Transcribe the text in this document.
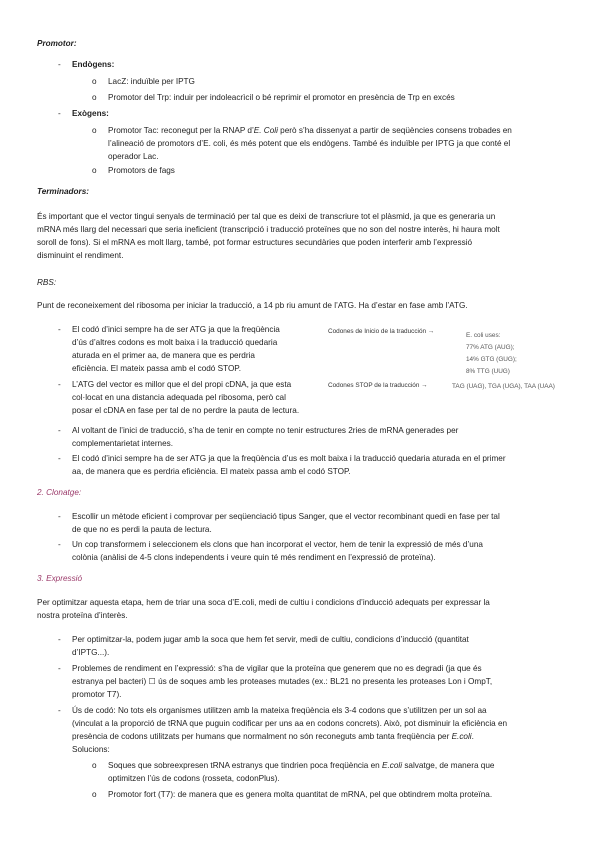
Promotor:
-	Endògens:
o	LacZ: induïble per IPTG
o	Promotor del Trp: induir per indoleacrìcil o bé reprimir el promotor en presència de Trp en excés
-	Exògens:
o	Promotor Tac: reconegut per la RNAP d’E. Coli però s’ha dissenyat a partir de seqüències consens trobades en
l’alineació de promotors d’E. coli, és més potent que els endògens. També és induïble per IPTG ja que conté el
operador Lac.
o	Promotors de fags
Terminadors:
És important que el vector tingui senyals de terminació per tal que es deixi de transcriure tot el plàsmid, ja que es generaria un
mRNA més llarg del necessari que seria ineficient (transcripció i traducció proteïnes que no son del nostre interès, hi haura molt
soroll de fons). Si el mRNA es molt llarg, també, pot formar estructures secundàries que poden interferir amb l’expressió
disminuint el rendiment.
RBS:
Punt de reconeixement del ribosoma per iniciar la traducció, a 14 pb riu amunt de l’ATG. Ha d’estar en fase amb l’ATG.
-	El codó d’inici sempre ha de ser ATG ja que la freqüència
d’ús d’altres codons es molt baixa i la traducció quedaria
aturada en el primer aa, de manera que es perdria
eficiència. El mateix passa amb el codó STOP.
-	L’ATG del vector es millor que el del propi cDNA, ja que esta
col·locat en una distancia adequada pel ribosoma, però cal
posar el cDNA en fase per tal de no perdre la pauta de lectura.
Codones de Inicio de la traducción →
E. coli uses:
77% ATG (AUG);
14% GTG (GUG);
8% TTG (UUG)
Codones STOP de la traducción →	TAG (UAG), TGA (UGA), TAA (UAA)
-	Al voltant de l’inici de traducció, s’ha de tenir en compte no tenir estructures 2ries de mRNA generades per
complementarietat internes.
-	El codó d’inici sempre ha de ser ATG ja que la freqüència d’us es molt baixa i la traducció quedaria aturada en el primer
aa, de manera que es perdria eficiència. El mateix passa amb el codó STOP.
2. Clonatge:
-	Escollir un mètode eficient i comprovar per seqüenciació tipus Sanger, que el vector recombinant quedi en fase per tal
de que no es perdi la pauta de lectura.
-	Un cop transformem i seleccionem els clons que han incorporat el vector, hem de tenir la expressió de més d’una
colònia (anàlisi de 4-5 clons independents i veure quin té més rendiment en l’expressió de proteïna).
3. Expressió
Per optimitzar aquesta etapa, hem de triar una soca d’E.coli, medi de cultiu i condicions d’inducció adequats per expressar la
nostra proteïna d’interès.
-	Per optimitzar-la, podem jugar amb la soca que hem fet servir, medi de cultiu, condicions d’inducció (quantitat
d’IPTG...).
-	Problemes de rendiment en l’expressió: s’ha de vigilar que la proteïna que generem que no es degradi (ja que és
estranya pel bacteri) ☐ ús de soques amb les proteases mutades (ex.: BL21 no presenta les proteases Lon i OmpT,
promotor T7).
-	Ús de codó: No tots els organismes utilitzen amb la mateixa freqüència els 3-4 codons que s’utilitzen per un sol aa
(vinculat a la proporció de tRNA que puguin codificar per uns aa en codons concrets). Això, pot disminuir la eficiència en
presència de codons utilitzats per humans que normalment no són reconeguts amb tanta freqüència per E.coli.
Solucions:
o	Soques que sobreexpresen tRNA estranys que tindrien poca freqüència en E.coli salvatge, de manera que
optimitzen l’ús de codons (rosseta, codonPlus).
o	Promotor fort (T7): de manera que es genera molta quantitat de mRNA, pel que obtindrem molta proteïna.
